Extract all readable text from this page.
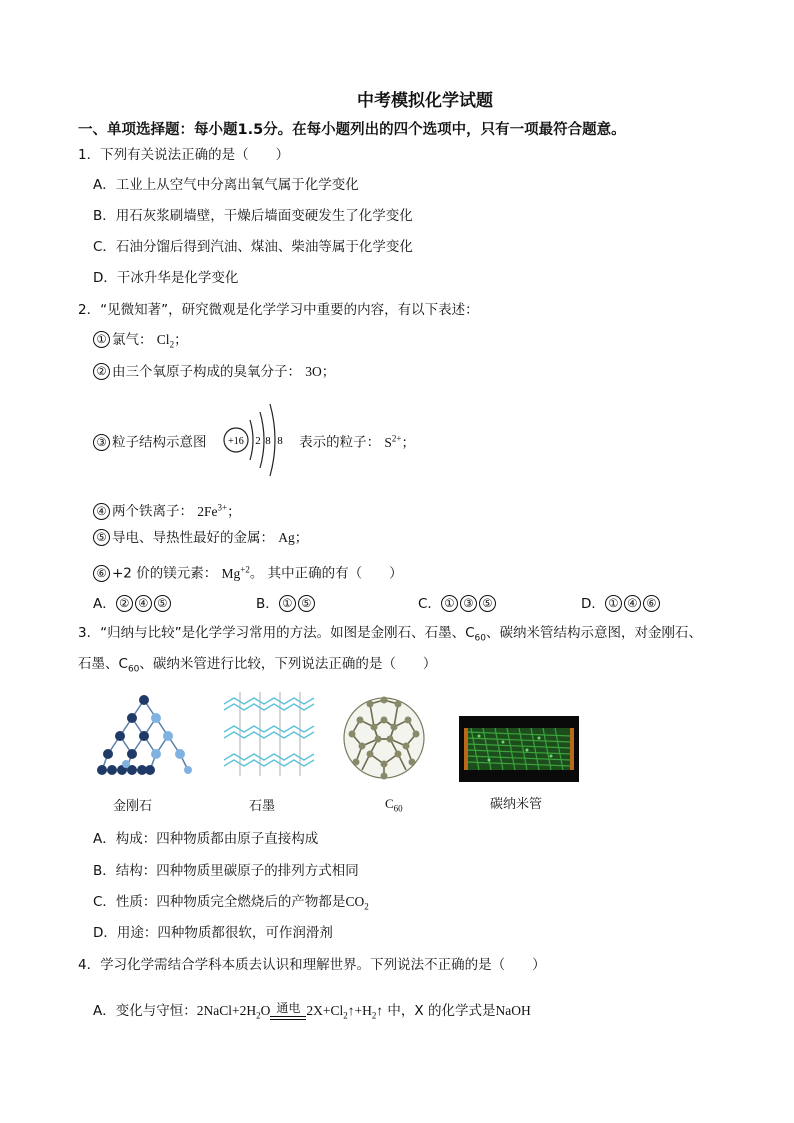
中考模拟化学试题
一、单项选择题：每小题1.5分。在每小题列出的四个选项中，只有一项最符合题意。
1．下列有关说法正确的是（　　）
A．工业上从空气中分离出氧气属于化学变化
B．用石灰浆刷墙壁，干燥后墙面变硬发生了化学变化
C．石油分馏后得到汽油、煤油、柴油等属于化学变化
D．干冰升华是化学变化
2．“见微知著”，研究微观是化学学习中重要的内容，有以下表述：
① 氯气： $Cl_2$；
② 由三个氧原子构成的臭氧分子： 3O；
③ 粒子结构示意图	表示的粒子： $S^{2+}$；
+16 2 8 8
④ 两个铁离子： $2Fe^{3+}$；
⑤ 导电、导热性最好的金属： Ag；
⑥ +2 价的镁元素： $Mg^{+2}$。 其中正确的有（　　）
A． ② ④ ⑤	B． ① ⑤	C． ① ③ ⑤	D． ① ④ ⑥
3．“归纳与比较”是化学学习常用的方法。如图是金刚石、石墨、$C_{60}$、碳纳米管结构示意图，对金刚石、
石墨、$C_{60}$、碳纳米管进行比较，下列说法正确的是（　　）
金刚石	石墨	$C_{60}$	碳纳米管
A．构成：四种物质都由原子直接构成
B．结构：四种物质里碳原子的排列方式相同
C．性质：四种物质完全燃烧后的产物都是$CO_2$
D．用途：四种物质都很软，可作润滑剂
4．学习化学需结合学科本质去认识和理解世界。下列说法不正确的是（　　）
A．变化与守恒：$2NaCl+2H_2O$ 通电 $2X+Cl_2↑+H_2↑$ 中，X 的化学式是NaOH
